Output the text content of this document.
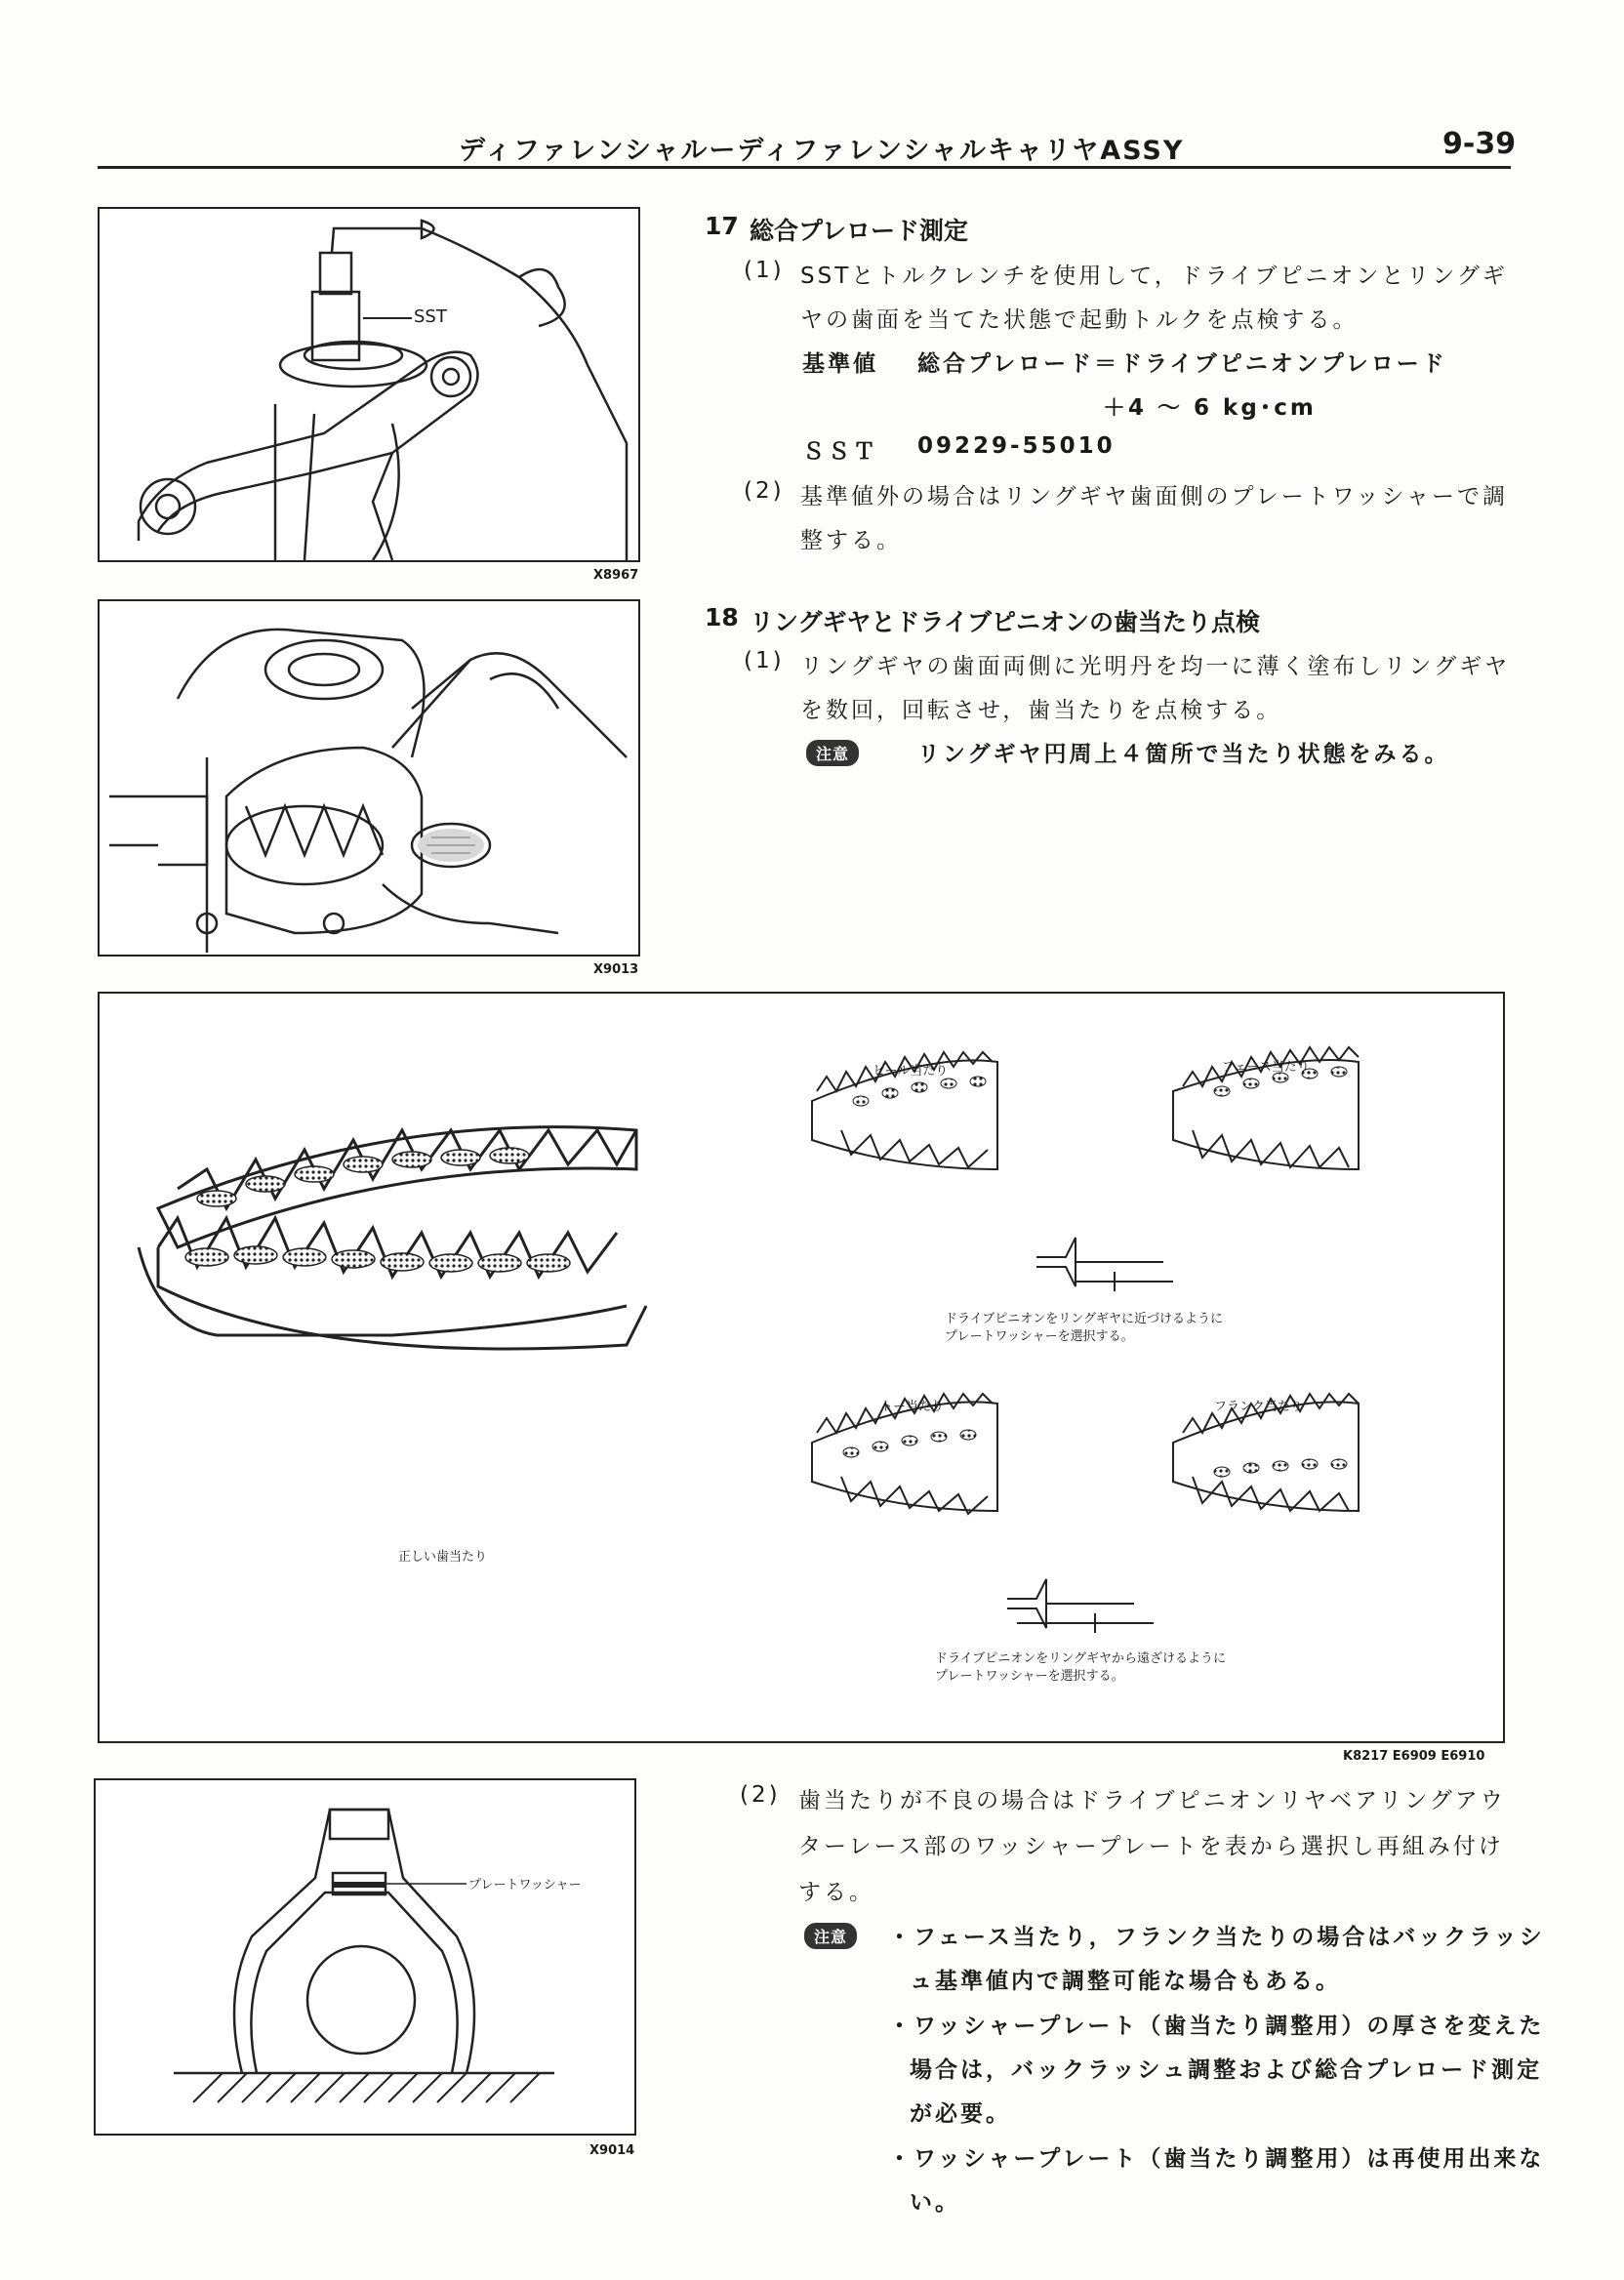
ディファレンシャルーディファレンシャルキャリヤASSY	9-39
SST
X8967
X9013
17 総合プレロード測定
(1) SSTとトルクレンチを使用して，ドライブピニオンとリングギ
ヤの歯面を当てた状態で起動トルクを点検する。
基準値 総合プレロード＝ドライブピニオンプレロード
＋4 ～ 6 kg･cm
ＳＳＴ 09229-55010
(2) 基準値外の場合はリングギヤ歯面側のプレートワッシャーで調
整する。
18 リングギヤとドライブピニオンの歯当たり点検
(1) リングギヤの歯面両側に光明丹を均一に薄く塗布しリングギヤ
を数回，回転させ，歯当たりを点検する。
注意	リングギヤ円周上４箇所で当たり状態をみる。
正しい歯当たり
ヒール当たり	フェース当たり
ドライブピニオンをリングギヤに近づけるように
プレートワッシャーを選択する。
トー当たり	フランク当たり
ドライブピニオンをリングギヤから遠ざけるように
プレートワッシャーを選択する。
K8217 E6909 E6910
プレートワッシャー
X9014
(2) 歯当たりが不良の場合はドライブピニオンリヤベアリングアウ
ターレース部のワッシャープレートを表から選択し再組み付け
する。
注意	・フェース当たり，フランク当たりの場合はバックラッシ
ュ基準値内で調整可能な場合もある。
・ワッシャープレート（歯当たり調整用）の厚さを変えた
場合は，バックラッシュ調整および総合プレロード測定
が必要。
・ワッシャープレート（歯当たり調整用）は再使用出来な
い。
